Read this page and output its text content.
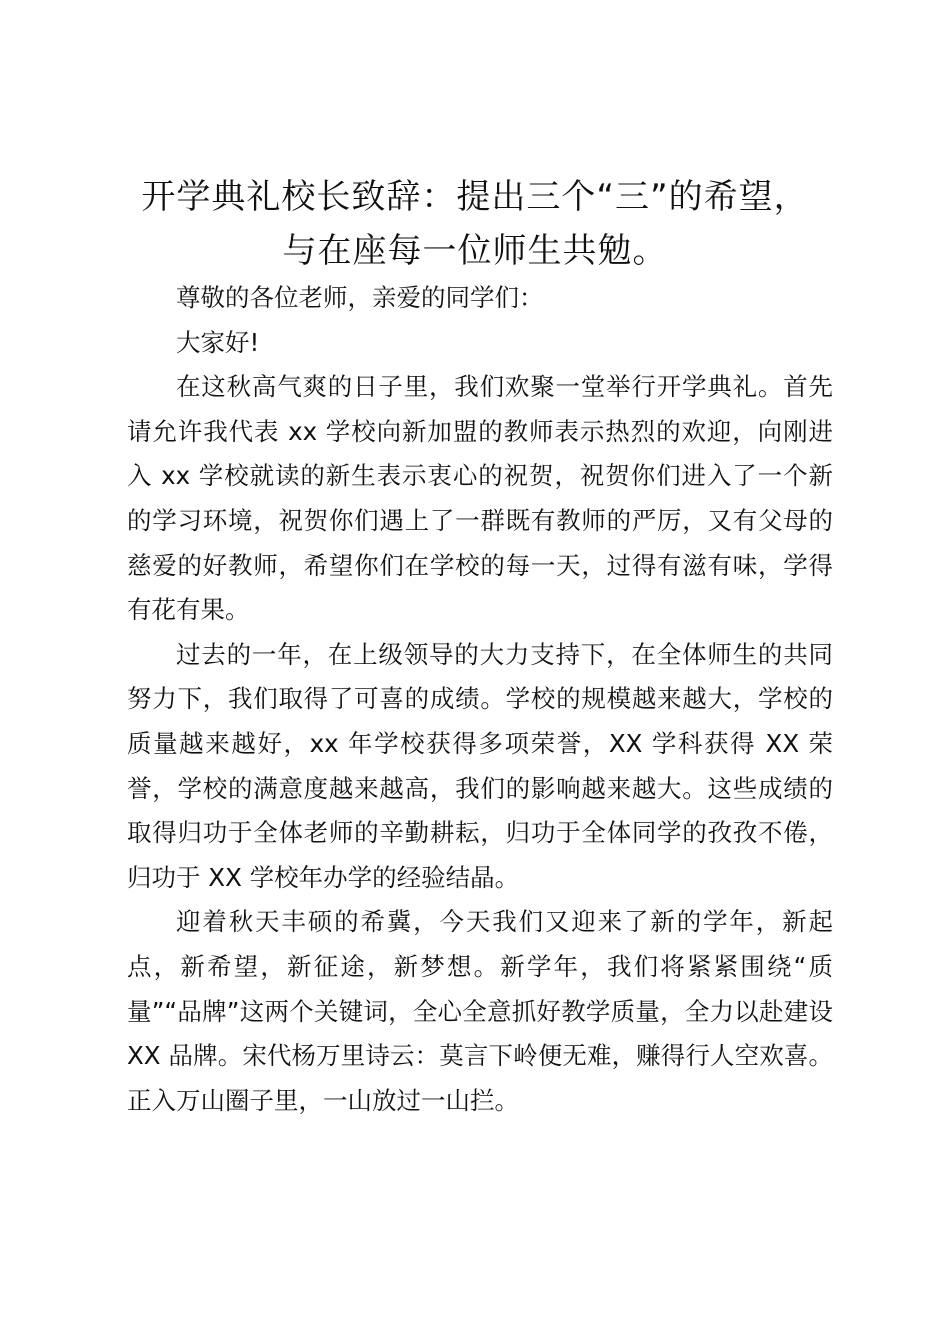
开学典礼校长致辞：提出三个“三”的希望，
与在座每一位师生共勉。

尊敬的各位老师，亲爱的同学们：

大家好!

在这秋高气爽的日子里，我们欢聚一堂举行开学典礼。首先请允许我代表 xx 学校向新加盟的教师表示热烈的欢迎，向刚进入 xx 学校就读的新生表示衷心的祝贺，祝贺你们进入了一个新的学习环境，祝贺你们遇上了一群既有教师的严厉，又有父母的慈爱的好教师，希望你们在学校的每一天，过得有滋有味，学得有花有果。

过去的一年，在上级领导的大力支持下，在全体师生的共同努力下，我们取得了可喜的成绩。学校的规模越来越大，学校的质量越来越好，xx 年学校获得多项荣誉，XX 学科获得 XX 荣誉，学校的满意度越来越高，我们的影响越来越大。这些成绩的取得归功于全体老师的辛勤耕耘，归功于全体同学的孜孜不倦，归功于 XX 学校年办学的经验结晶。

迎着秋天丰硕的希冀，今天我们又迎来了新的学年，新起点，新希望，新征途，新梦想。新学年，我们将紧紧围绕“质量”“品牌”这两个关键词，全心全意抓好教学质量，全力以赴建设 XX 品牌。宋代杨万里诗云：莫言下岭便无难，赚得行人空欢喜。正入万山圈子里，一山放过一山拦。
